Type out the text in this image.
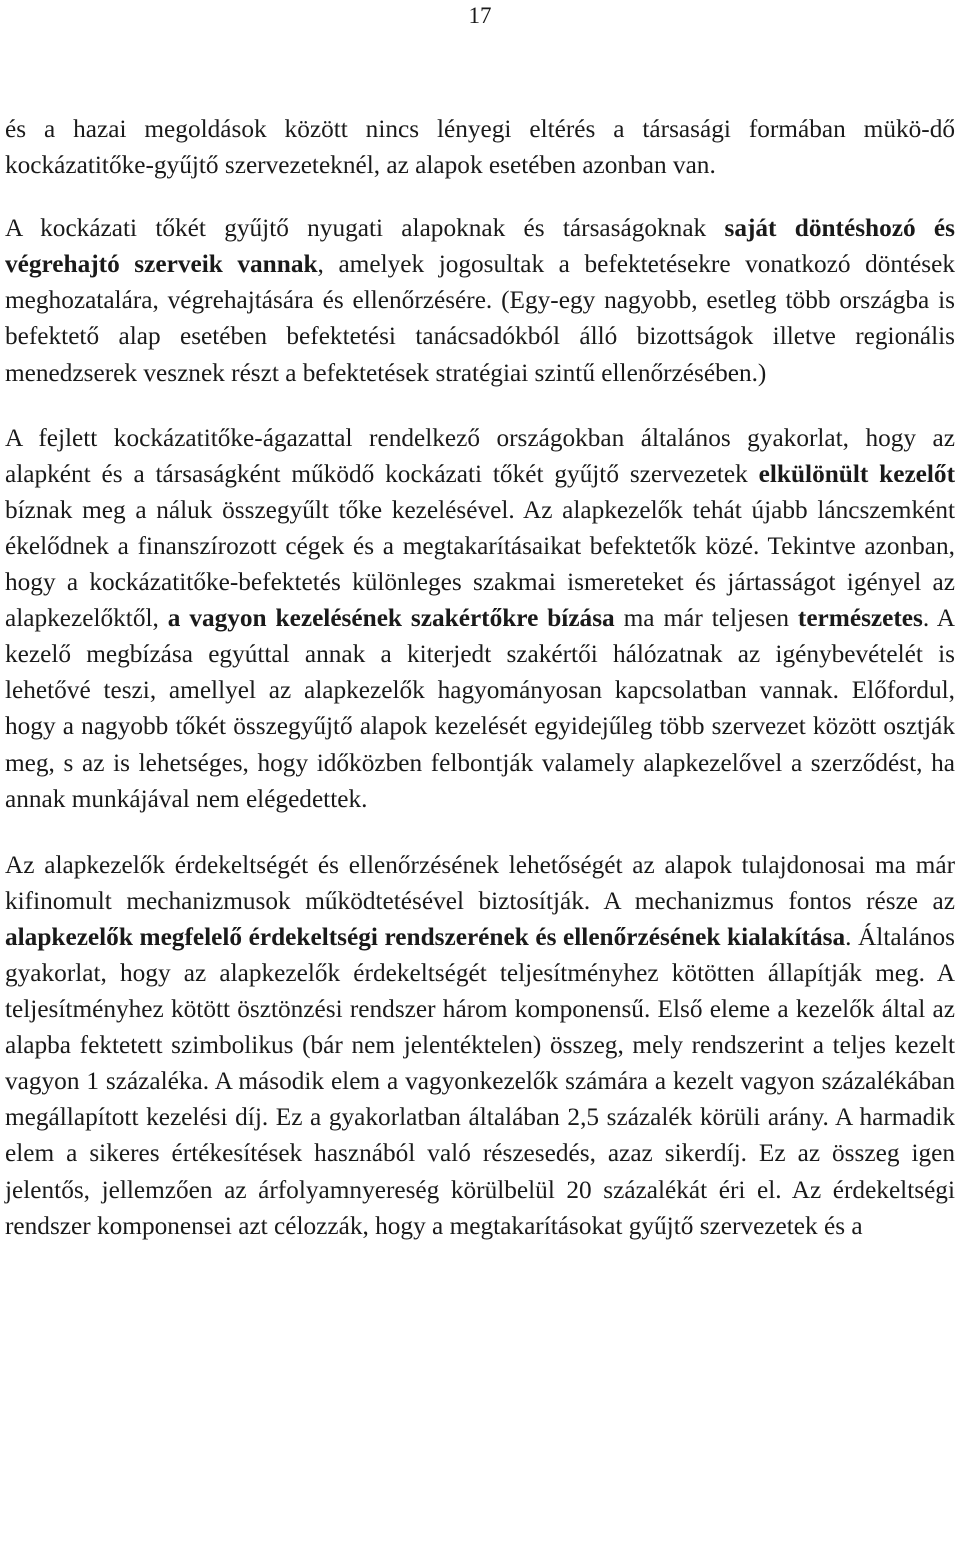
17

és a hazai megoldások között nincs lényegi eltérés a társasági formában mükö-dő kockázatitőke-gyűjtő szervezeteknél, az alapok esetében azonban van.

A kockázati tőkét gyűjtő nyugati alapoknak és társaságoknak saját döntéshozó és végrehajtó szerveik vannak, amelyek jogosultak a befektetésekre vonatkozó döntések meghozatalára, végrehajtására és ellenőrzésére. (Egy-egy nagyobb, esetleg több országba is befektető alap esetében befektetési tanácsadókból álló bizottságok illetve regionális menedzserek vesznek részt a befektetések stratégiai szintű ellenőrzésében.)

A fejlett kockázatitőke-ágazattal rendelkező országokban általános gyakorlat, hogy az alapként és a társaságként működő kockázati tőkét gyűjtő szervezetek elkülönült kezelőt bíznak meg a náluk összegyűlt tőke kezelésével. Az alapkezelők tehát újabb láncszemként ékelődnek a finanszírozott cégek és a megtakarításaikat befektetők közé. Tekintve azonban, hogy a kockázatitőke-befektetés különleges szakmai ismereteket és jártasságot igényel az alapkezelőktől, a vagyon kezelésének szakértőkre bízása ma már teljesen természetes. A kezelő megbízása egyúttal annak a kiterjedt szakértői hálózatnak az igénybevételét is lehetővé teszi, amellyel az alapkezelők hagyományosan kapcsolatban vannak. Előfordul, hogy a nagyobb tőkét összegyűjtő alapok kezelését egyidejűleg több szervezet között osztják meg, s az is lehetséges, hogy időközben felbontják valamely alapkezelővel a szerződést, ha annak munkájával nem elégedettek.

Az alapkezelők érdekeltségét és ellenőrzésének lehetőségét az alapok tulajdonosai ma már kifinomult mechanizmusok működtetésével biztosítják. A mechanizmus fontos része az alapkezelők megfelelő érdekeltségi rendszerének és ellenőrzésének kialakítása. Általános gyakorlat, hogy az alapkezelők érdekeltségét teljesítményhez kötötten állapítják meg. A teljesítményhez kötött ösztönzési rendszer három komponensű. Első eleme a kezelők által az alapba fektetett szimbolikus (bár nem jelentéktelen) összeg, mely rendszerint a teljes kezelt vagyon 1 százaléka. A második elem a vagyonkezelők számára a kezelt vagyon százalékában megállapított kezelési díj. Ez a gyakorlatban általában 2,5 százalék körüli arány. A harmadik elem a sikeres értékesítések hasznából való részesedés, azaz sikerdíj. Ez az összeg igen jelentős, jellemzően az árfolyamnyereség körülbelül 20 százalékát éri el. Az érdekeltségi rendszer komponensei azt célozzák, hogy a megtakarításokat gyűjtő szervezetek és a
